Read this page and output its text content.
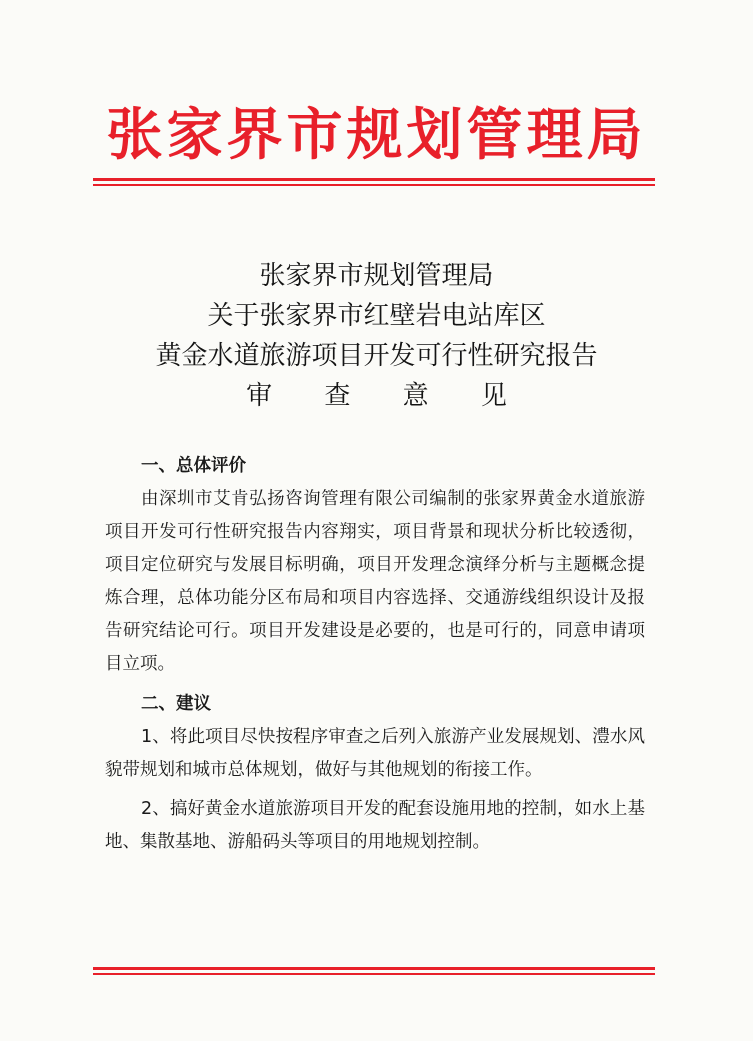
张家界市规划管理局
张家界市规划管理局
关于张家界市红壁岩电站库区
黄金水道旅游项目开发可行性研究报告
审 查 意 见
一、总体评价

由深圳市艾肯弘扬咨询管理有限公司编制的张家界黄金水道旅游项目开发可行性研究报告内容翔实，项目背景和现状分析比较透彻，项目定位研究与发展目标明确，项目开发理念演绎分析与主题概念提炼合理，总体功能分区布局和项目内容选择、交通游线组织设计及报告研究结论可行。项目开发建设是必要的，也是可行的，同意申请项目立项。

二、建议

1、将此项目尽快按程序审查之后列入旅游产业发展规划、澧水风貌带规划和城市总体规划，做好与其他规划的衔接工作。

2、搞好黄金水道旅游项目开发的配套设施用地的控制，如水上基地、集散基地、游船码头等项目的用地规划控制。
